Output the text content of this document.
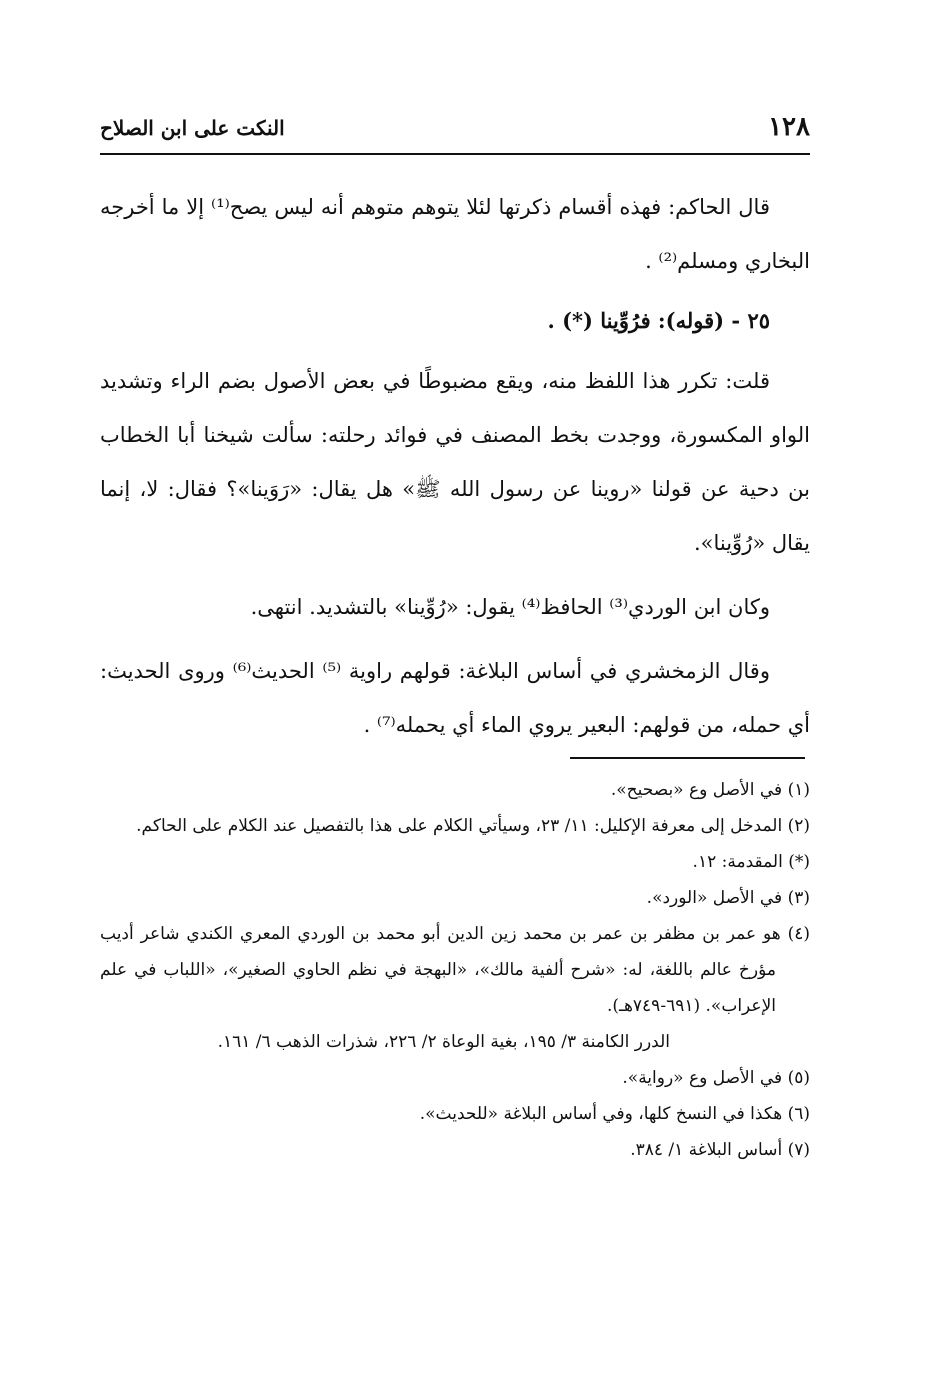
١٢٨
النكت على ابن الصلاح

قال الحاكم: فهذه أقسام ذكرتها لئلا يتوهم متوهم أنه ليس يصح⁽¹⁾ إلا ما أخرجه البخاري ومسلم⁽²⁾ .

٢٥ - (قوله): فرُوِّينا (*) .

قلت: تكرر هذا اللفظ منه، ويقع مضبوطًا في بعض الأصول بضم الراء وتشديد الواو المكسورة، ووجدت بخط المصنف في فوائد رحلته: سألت شيخنا أبا الخطاب بن دحية عن قولنا «روينا عن رسول الله ﷺ» هل يقال: «رَوَينا»؟ فقال: لا، إنما يقال «رُوِّينا».

وكان ابن الوردي⁽³⁾ الحافظ⁽⁴⁾ يقول: «رُوِّينا» بالتشديد. انتهى.

وقال الزمخشري في أساس البلاغة: قولهم راوية ⁽⁵⁾ الحديث⁽⁶⁾ وروى الحديث: أي حمله، من قولهم: البعير يروي الماء أي يحمله⁽⁷⁾ .

(١) في الأصل وع «بصحيح».

(٢) المدخل إلى معرفة الإكليل: ١١/ ٢٣، وسيأتي الكلام على هذا بالتفصيل عند الكلام على الحاكم.

(*) المقدمة: ١٢.

(٣) في الأصل «الورد».

(٤) هو عمر بن مظفر بن عمر بن محمد زين الدين أبو محمد بن الوردي المعري الكندي شاعر أديب مؤرخ عالم باللغة، له: «شرح ألفية مالك»، «البهجة في نظم الحاوي الصغير»، «اللباب في علم الإعراب». (٦٩١-٧٤٩هـ).

الدرر الكامنة ٣/ ١٩٥، بغية الوعاة ٢/ ٢٢٦، شذرات الذهب ٦/ ١٦١.

(٥) في الأصل وع «رواية».

(٦) هكذا في النسخ كلها، وفي أساس البلاغة «للحديث».

(٧) أساس البلاغة ١/ ٣٨٤.
